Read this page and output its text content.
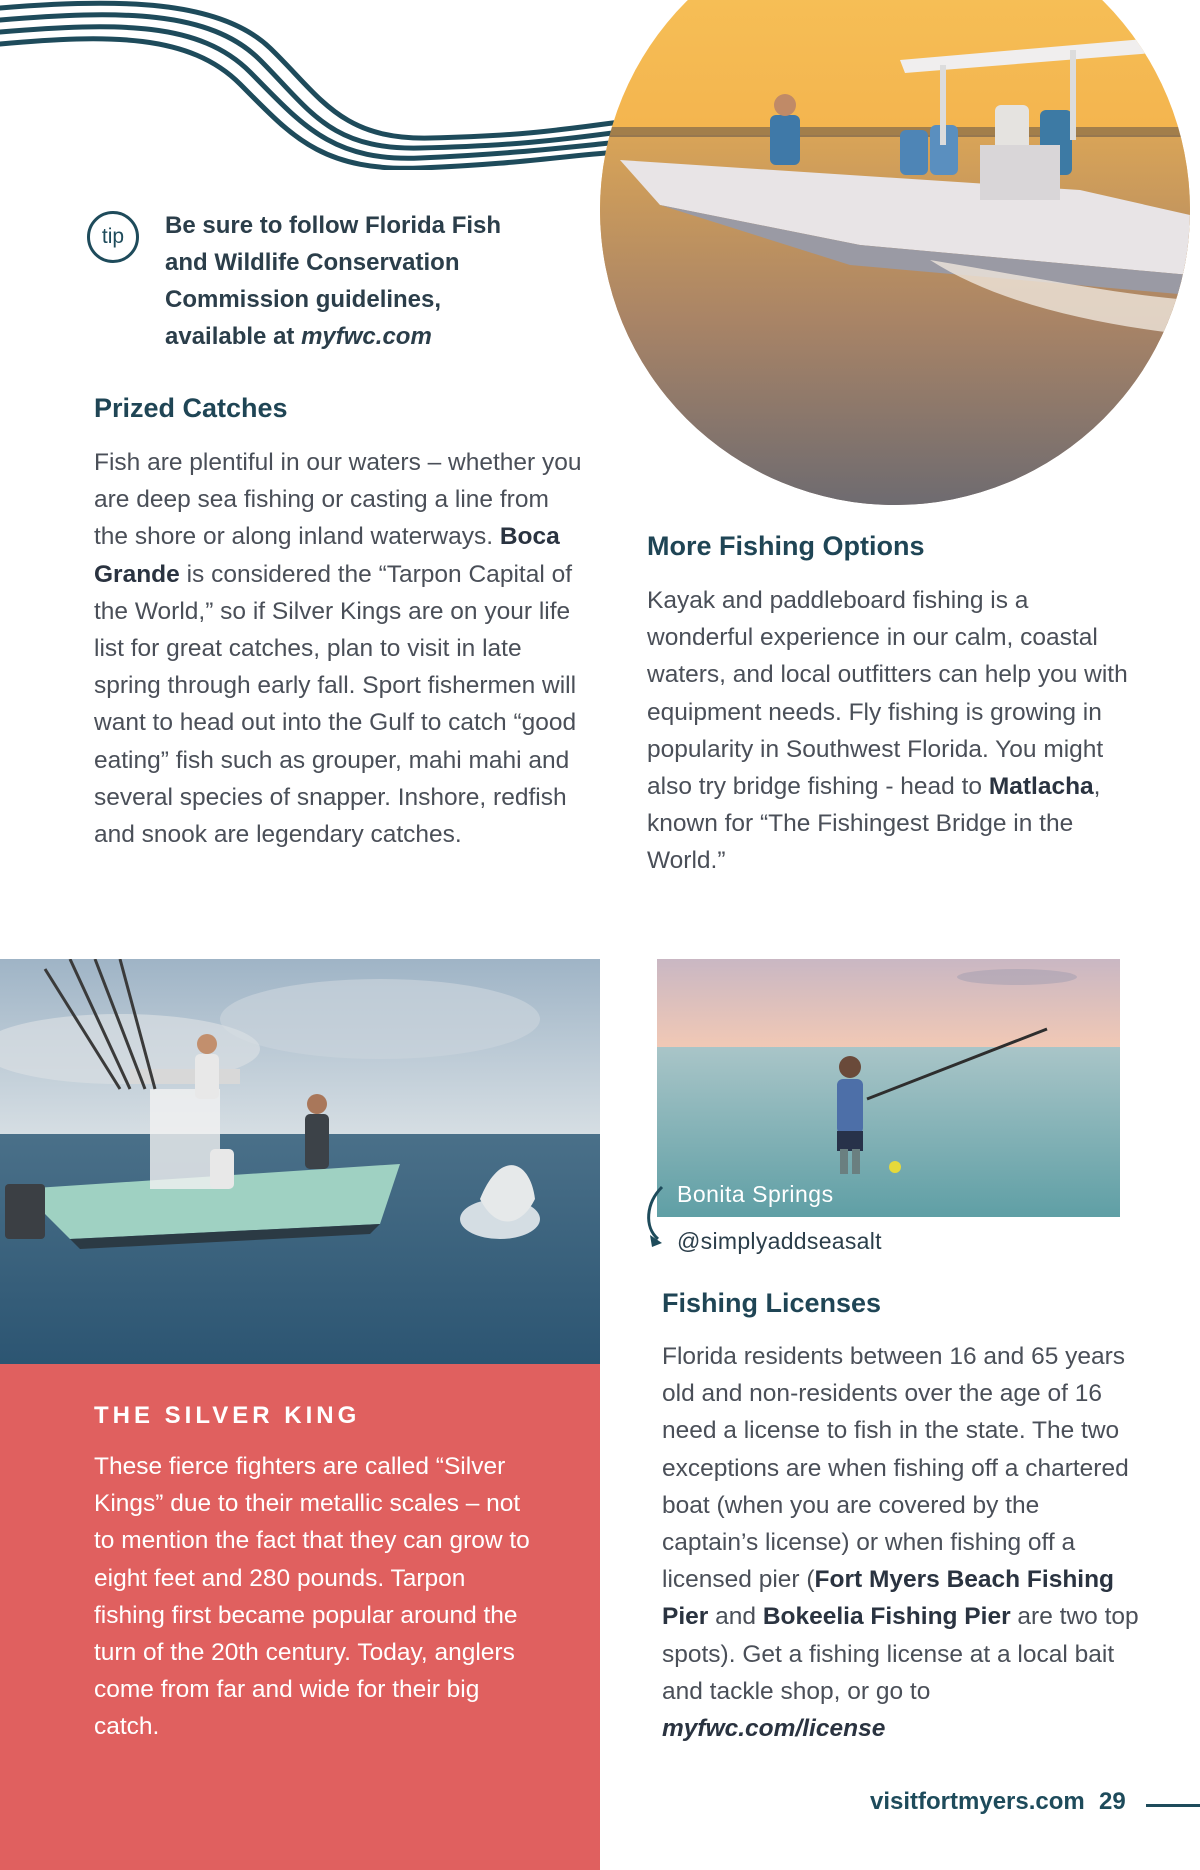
tip	Be sure to follow Florida Fish
and Wildlife Conservation
Commission guidelines,
available at myfwc.com
Prized Catches
Fish are plentiful in our waters – whether you are deep sea fishing or casting a line from the shore or along inland waterways. Boca Grande is considered the “Tarpon Capital of the World,” so if Silver Kings are on your life list for great catches, plan to visit in late spring through early fall. Sport fishermen will want to head out into the Gulf to catch “good eating” fish such as grouper, mahi mahi and several species of snapper. Inshore, redfish and snook are legendary catches.
More Fishing Options
Kayak and paddleboard fishing is a wonderful experience in our calm, coastal waters, and local outfitters can help you with equipment needs. Fly fishing is growing in popularity in Southwest Florida. You might also try bridge fishing - head to Matlacha, known for “The Fishingest Bridge in the World.”
THE SILVER KING
These fierce fighters are called “Silver Kings” due to their metallic scales – not to mention the fact that they can grow to eight feet and 280 pounds. Tarpon fishing first became popular around the turn of the 20th century. Today, anglers come from far and wide for their big catch.
Bonita Springs
@simplyaddseasalt
Fishing Licenses
Florida residents between 16 and 65 years old and non-residents over the age of 16 need a license to fish in the state. The two exceptions are when fishing off a chartered boat (when you are covered by the captain’s license) or when fishing off a licensed pier (Fort Myers Beach Fishing Pier and Bokeelia Fishing Pier are two top spots). Get a fishing license at a local bait and tackle shop, or go to myfwc.com/license
visitfortmyers.com 29
